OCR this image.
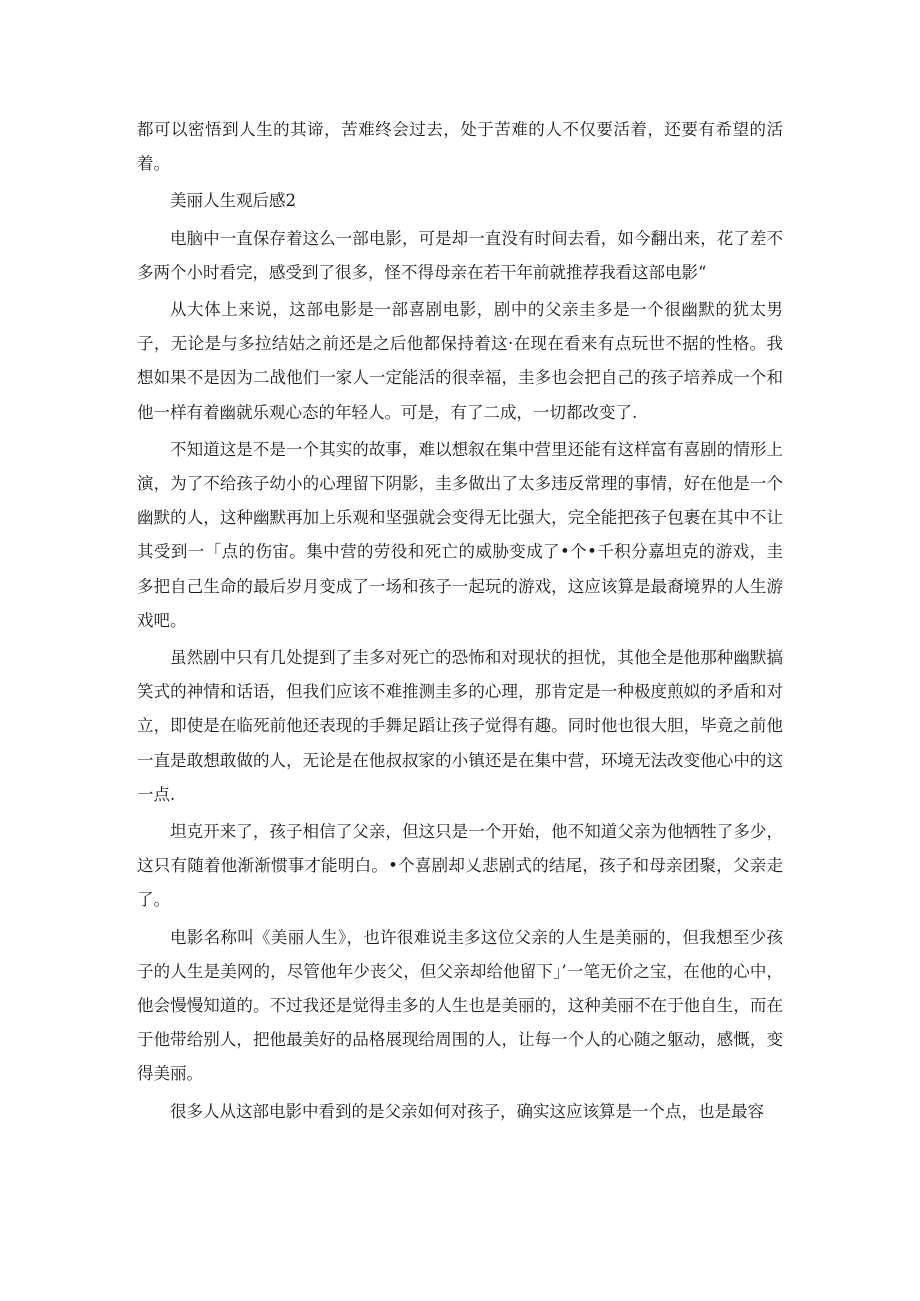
都可以密悟到人生的其谛，苦难终会过去，处于苦难的人不仅要活着，还要有希望的活着。

美丽人生观后感2

电脑中一直保存着这么一部电影，可是却一直没有时间去看，如今翻出来，花了差不多两个小时看完，感受到了很多，怪不得母亲在若干年前就推荐我看这部电影“

从大体上来说，这部电影是一部喜剧电影，剧中的父亲圭多是一个很幽默的犹太男子，无论是与多拉结姑之前还是之后他都保持着这·在现在看来有点玩世不据的性格。我想如果不是因为二战他们一家人一定能活的很幸福，圭多也会把自己的孩子培养成一个和他一样有着幽就乐观心态的年轻人。可是，有了二成，一切都改变了.

不知道这是不是一个其实的故事，难以想叙在集中营里还能有这样富有喜剧的情形上演，为了不给孩子幼小的心理留下阴影，圭多做出了太多违反常理的事情，好在他是一个幽默的人，这种幽默再加上乐观和坚强就会变得无比强大，完全能把孩子包裹在其中不让其受到一「点的伤宙。集中营的劳役和死亡的威胁变成了•个•千积分嘉坦克的游戏，圭多把自己生命的最后岁月变成了一场和孩子一起玩的游戏，这应该算是最裔境界的人生游戏吧。

虽然剧中只有几处提到了圭多对死亡的恐怖和对现状的担忧，其他全是他那种幽默搞笑式的神情和话语，但我们应该不难推测圭多的心理，那肯定是一种极度煎姒的矛盾和对立，即使是在临死前他还表现的手舞足蹈让孩子觉得有趣。同时他也很大胆，毕竟之前他一直是敢想敢做的人，无论是在他叔叔家的小镇还是在集中营，环境无法改变他心中的这一点.

坦克开来了，孩子相信了父亲，但这只是一个开始，他不知道父亲为他牺牲了多少，这只有随着他渐渐惯事才能明白。•个喜剧却乂悲剧式的结尾，孩子和母亲团聚，父亲走了。

电影名称叫《美丽人生》，也许很难说圭多这位父亲的人生是美丽的，但我想至少孩子的人生是美网的，尽管他年少丧父，但父亲却给他留下」’一笔无价之宝，在他的心中，他会慢慢知道的。不过我还是觉得圭多的人生也是美丽的，这种美丽不在于他自生，而在于他带给别人，把他最美好的品格展现给周围的人，让每一个人的心随之躯动，感慨，变得美丽。

很多人从这部电影中看到的是父亲如何对孩子，确实这应该算是一个点，也是最容
